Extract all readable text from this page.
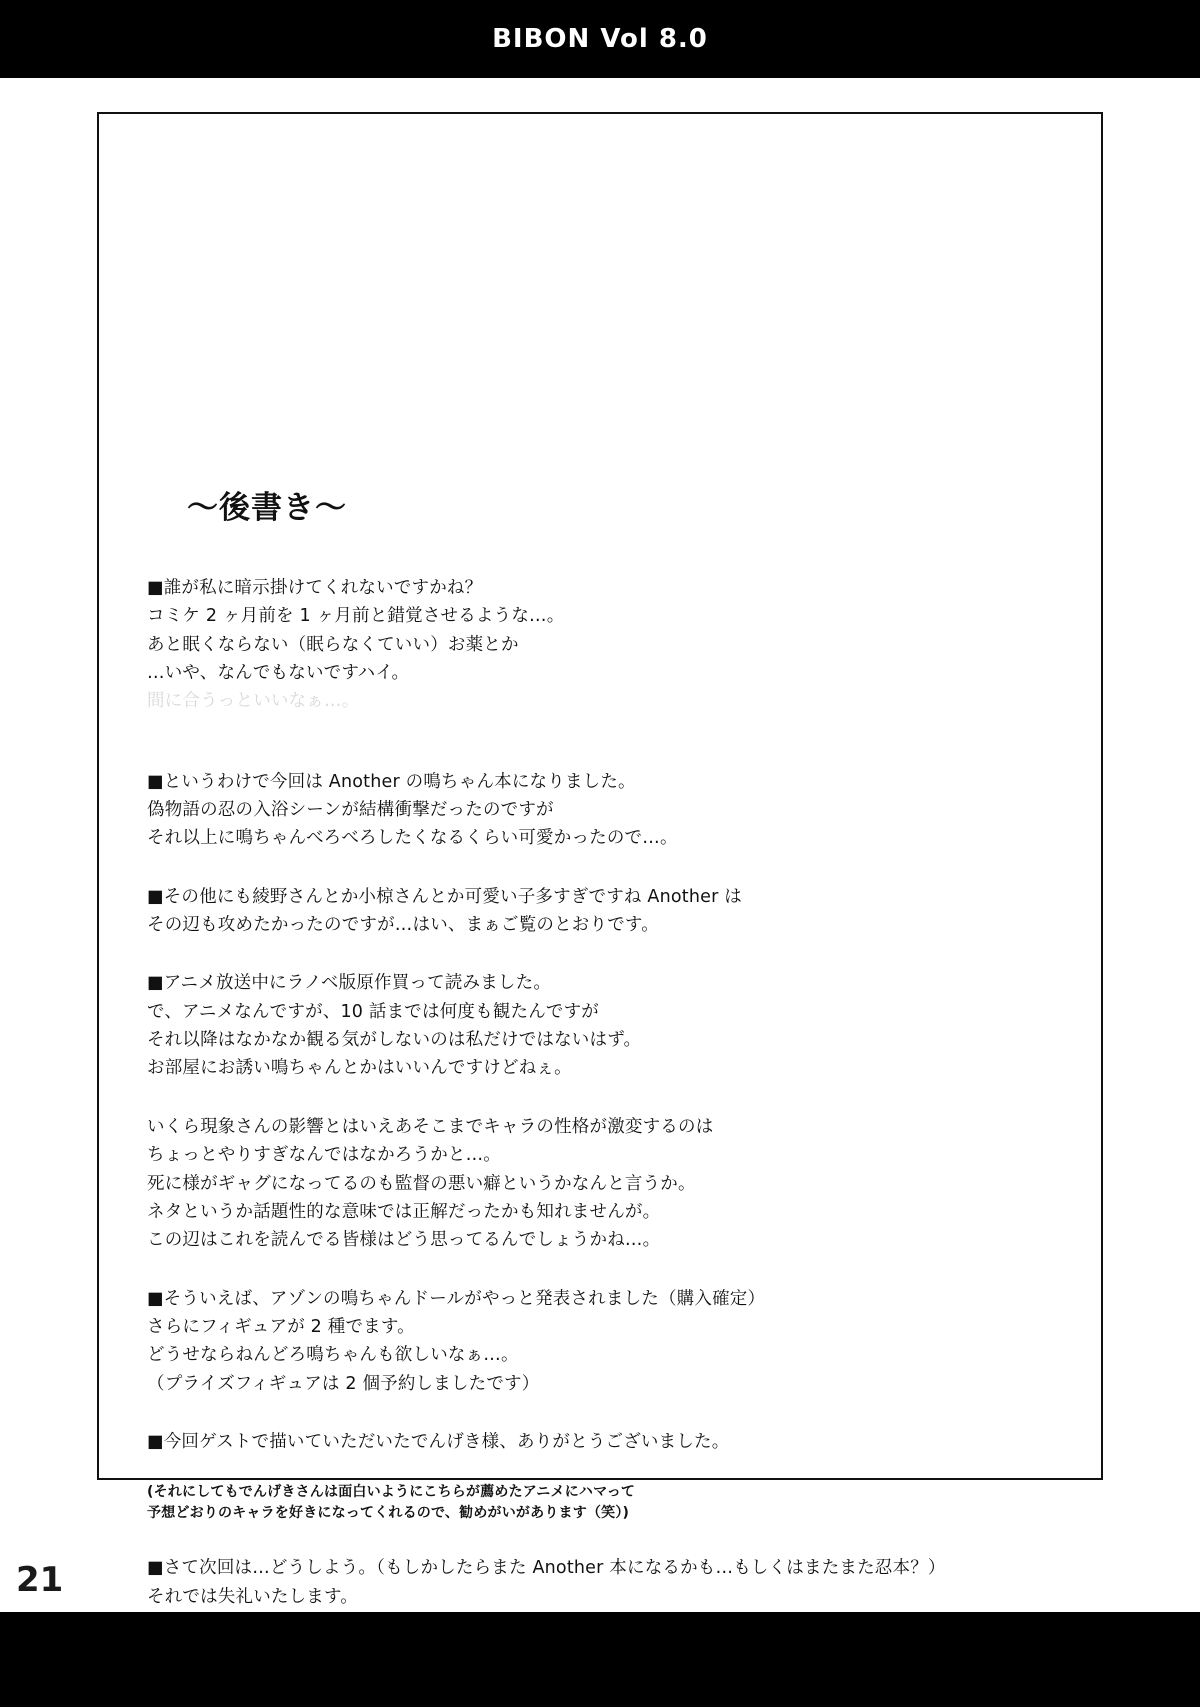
BIBON Vol 8.0
～後書き～
■誰が私に暗示掛けてくれないですかね？
コミケ 2 ヶ月前を 1 ヶ月前と錯覚させるような…。
あと眠くならない（眠らなくていい）お薬とか
…いや、なんでもないですハイ。
間に合うっといいなぁ…。
■というわけで今回は Another の鳴ちゃん本になりました。
偽物語の忍の入浴シーンが結構衝撃だったのですが
それ以上に鳴ちゃんべろべろしたくなるくらい可愛かったので…。
■その他にも綾野さんとか小椋さんとか可愛い子多すぎですね Another は
その辺も攻めたかったのですが…はい、まぁご覧のとおりです。
■アニメ放送中にラノベ版原作買って読みました。
で、アニメなんですが、10 話までは何度も観たんですが
それ以降はなかなか観る気がしないのは私だけではないはず。
お部屋にお誘い鳴ちゃんとかはいいんですけどねぇ。
いくら現象さんの影響とはいえあそこまでキャラの性格が激変するのは
ちょっとやりすぎなんではなかろうかと…。
死に様がギャグになってるのも監督の悪い癖というかなんと言うか。
ネタというか話題性的な意味では正解だったかも知れませんが。
この辺はこれを読んでる皆様はどう思ってるんでしょうかね…。
■そういえば、アゾンの鳴ちゃんドールがやっと発表されました（購入確定）
さらにフィギュアが 2 種でます。
どうせならねんどろ鳴ちゃんも欲しいなぁ…。
（プライズフィギュアは 2 個予約しましたです）
■今回ゲストで描いていただいたでんげき様、ありがとうございました。
(それにしてもでんげきさんは面白いようにこちらが薦めたアニメにハマって
予想どおりのキャラを好きになってくれるので、勧めがいがあります（笑）)
■さて次回は…どうしよう。（もしかしたらまた Another 本になるかも…もしくはまたまた忍本？）
それでは失礼いたします。
21
